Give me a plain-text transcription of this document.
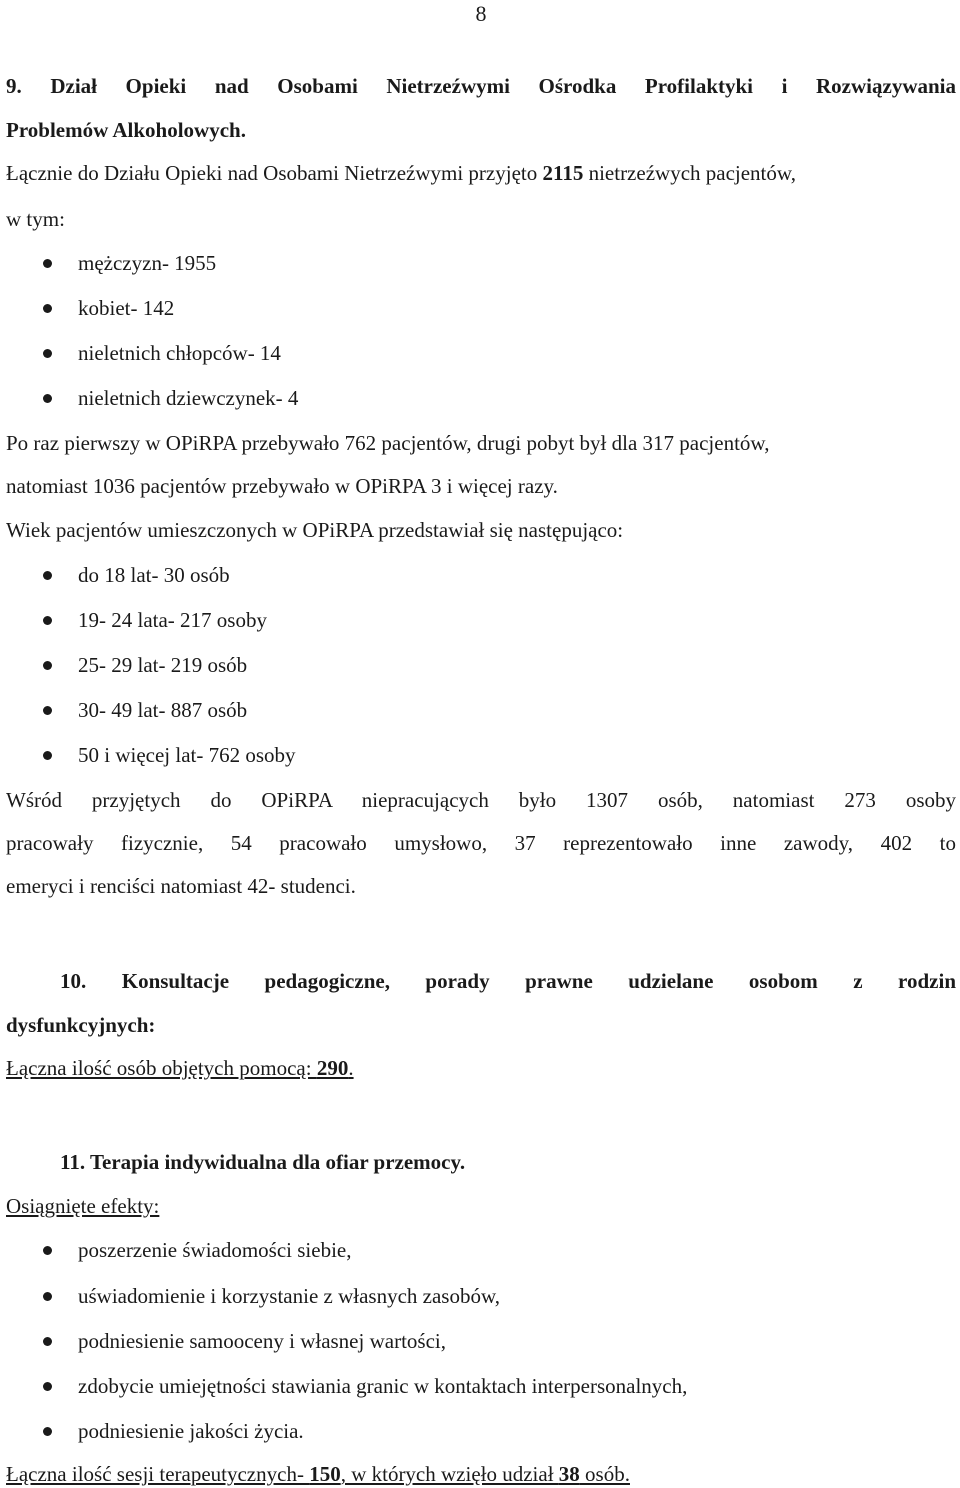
8
9. Dział Opieki nad Osobami Nietrzeźwymi Ośrodka Profilaktyki i Rozwiązywania
Problemów Alkoholowych.
Łącznie do Działu Opieki nad Osobami Nietrzeźwymi przyjęto 2115 nietrzeźwych pacjentów,
w tym:
mężczyzn- 1955
kobiet- 142
nieletnich chłopców- 14
nieletnich dziewczynek- 4
Po raz pierwszy w OPiRPA przebywało 762 pacjentów, drugi pobyt był dla 317 pacjentów,
natomiast 1036 pacjentów przebywało w OPiRPA 3 i więcej razy.
Wiek pacjentów umieszczonych w OPiRPA przedstawiał się następująco:
do 18 lat- 30 osób
19- 24 lata- 217 osoby
25- 29 lat- 219 osób
30- 49 lat- 887 osób
50 i więcej lat- 762 osoby
Wśród przyjętych do OPiRPA niepracujących było 1307 osób, natomiast 273 osoby
pracowały fizycznie, 54 pracowało umysłowo, 37 reprezentowało inne zawody, 402 to
emeryci i renciści natomiast 42- studenci.
10. Konsultacje pedagogiczne, porady prawne udzielane osobom z rodzin
dysfunkcyjnych:
Łączna ilość osób objętych pomocą: 290.
11. Terapia indywidualna dla ofiar przemocy.
Osiągnięte efekty:
poszerzenie świadomości siebie,
uświadomienie i korzystanie z własnych zasobów,
podniesienie samooceny i własnej wartości,
zdobycie umiejętności stawiania granic w kontaktach interpersonalnych,
podniesienie jakości życia.
Łączna ilość sesji terapeutycznych- 150, w których wzięło udział 38 osób.
